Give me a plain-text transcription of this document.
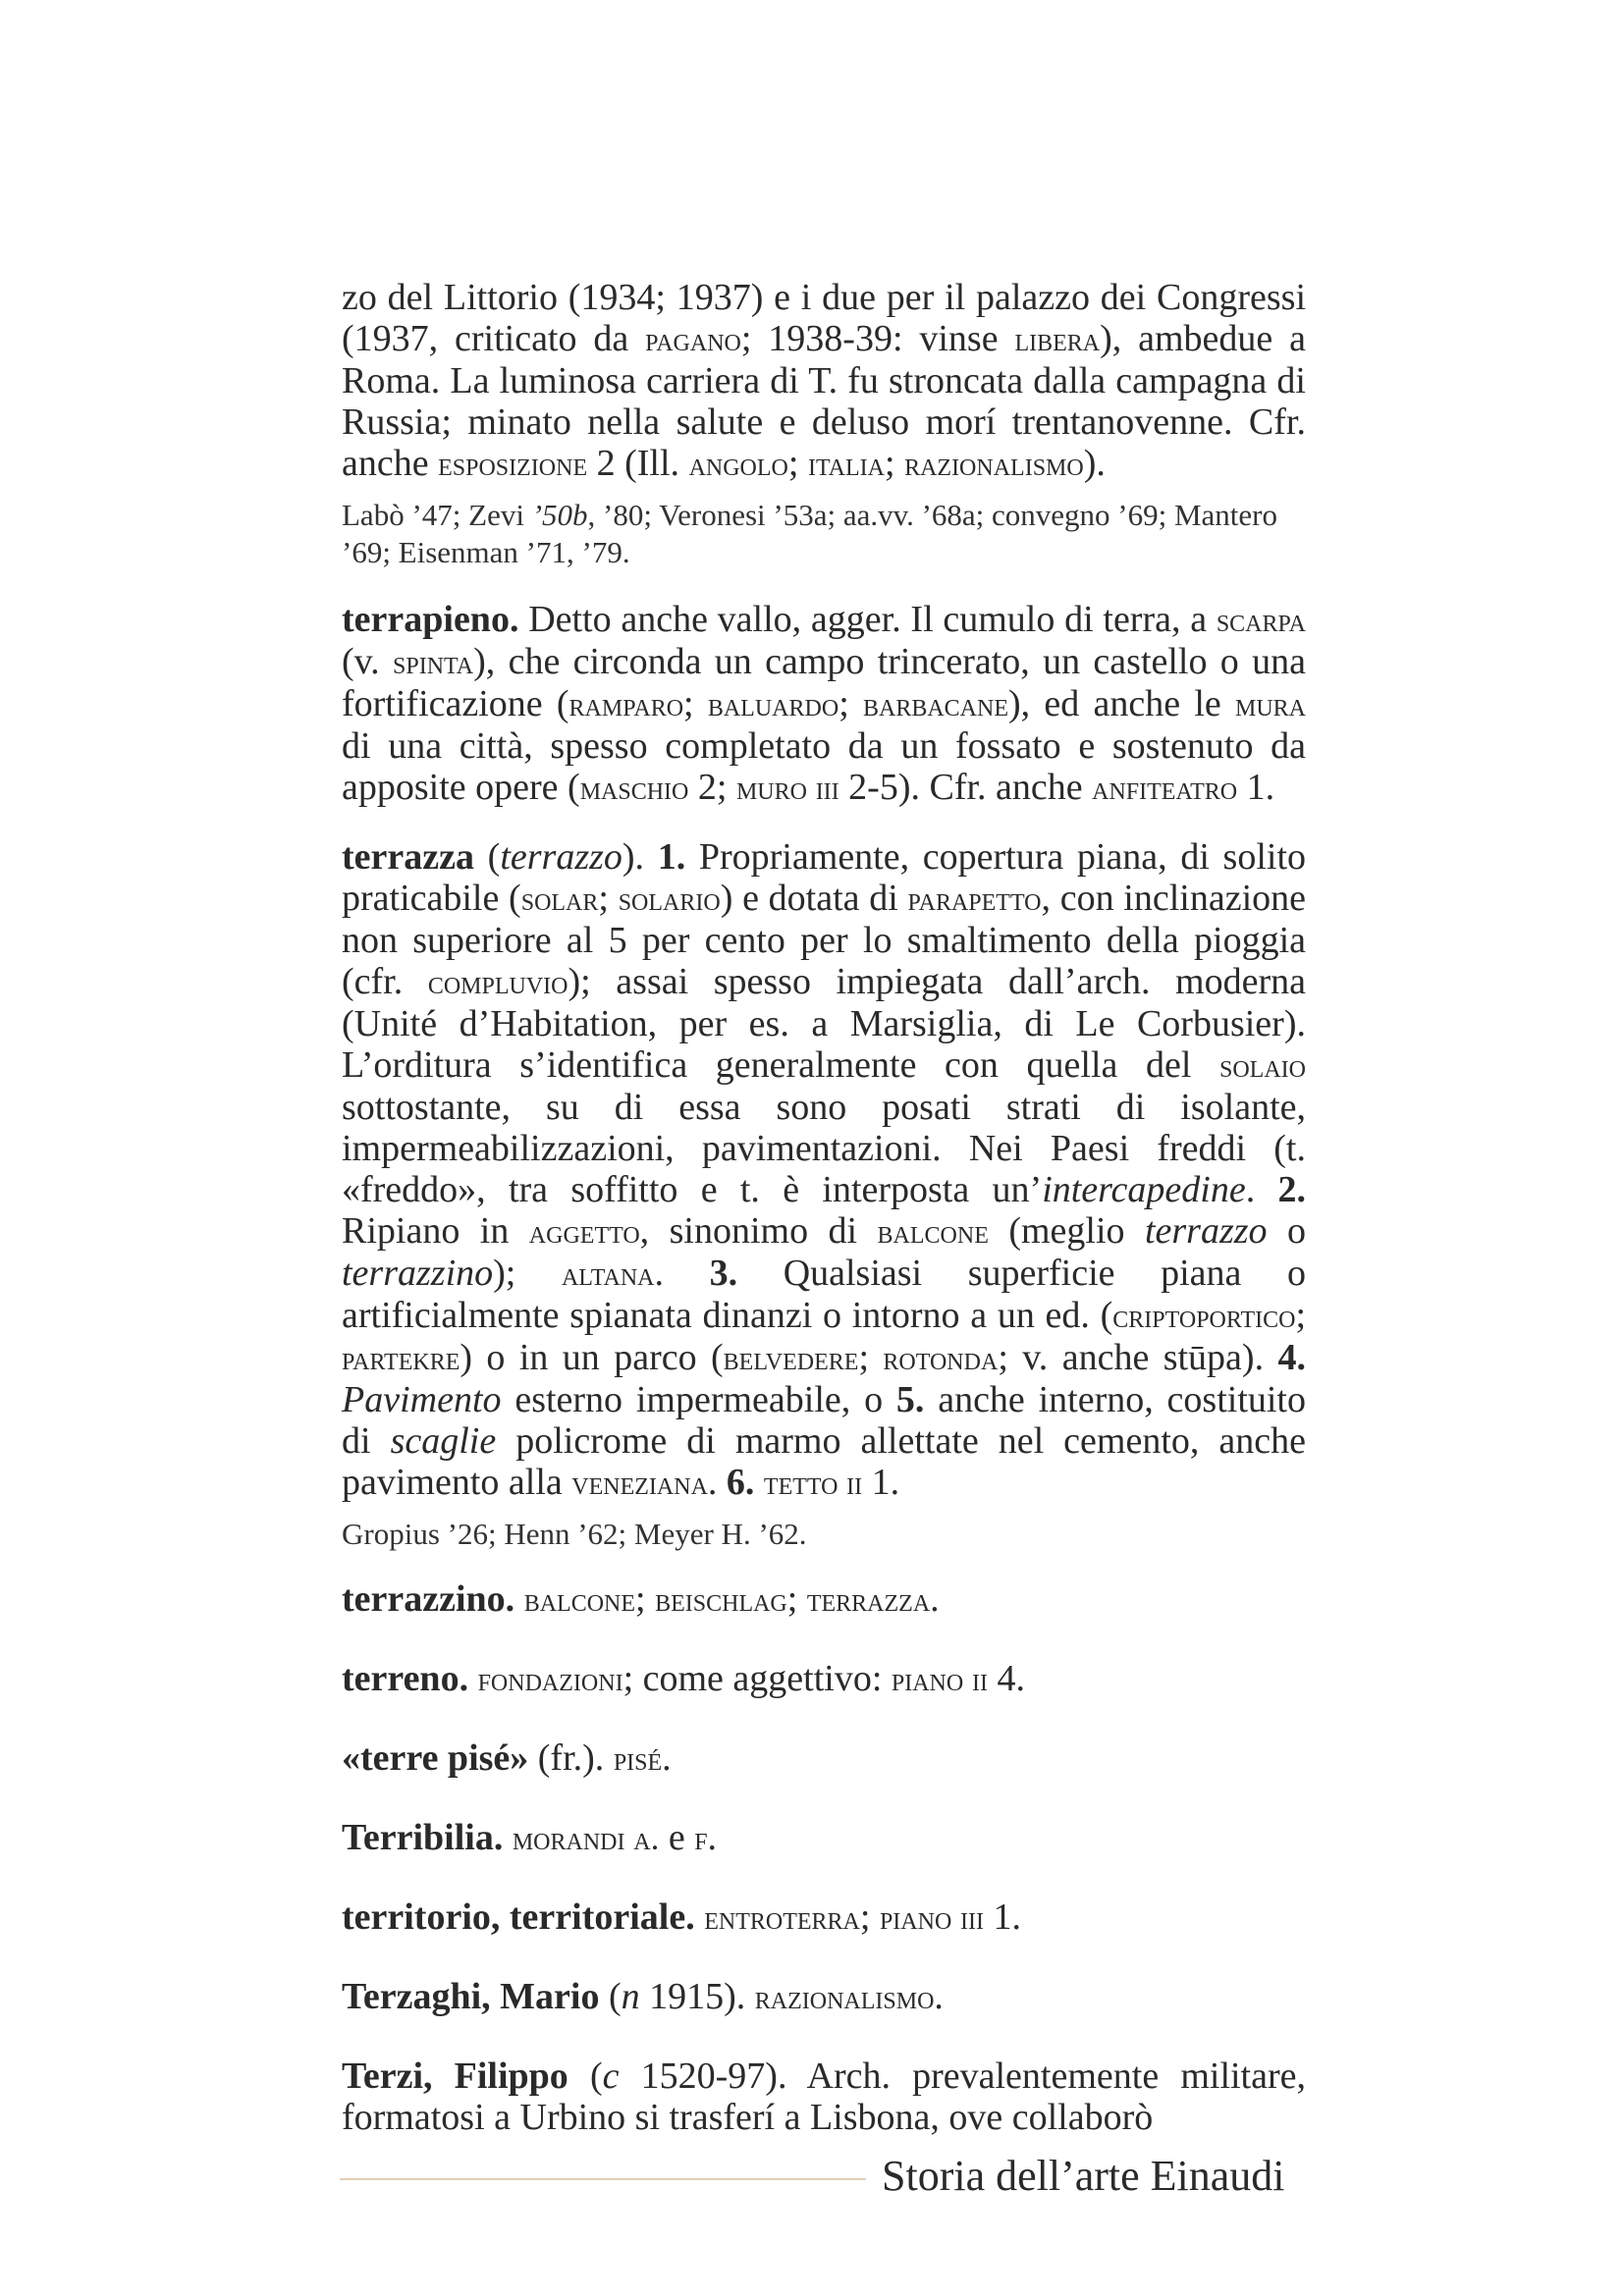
zo del Littorio (1934; 1937) e i due per il palazzo dei Congressi (1937, criticato da pagano; 1938-39: vinse libera), ambedue a Roma. La luminosa carriera di T. fu stroncata dalla campagna di Russia; minato nella salute e deluso morí trentanovenne. Cfr. anche esposizione 2 (Ill. angolo; italia; razionalismo).

Labò ’47; Zevi ’50b, ’80; Veronesi ’53a; aa.vv. ’68a; convegno ’69; Mantero ’69; Eisenman ’71, ’79.

terrapieno. Detto anche vallo, agger. Il cumulo di terra, a scarpa (v. spinta), che circonda un campo trincerato, un castello o una fortificazione (ramparo; baluardo; barbacane), ed anche le mura di una città, spesso completato da un fossato e sostenuto da apposite opere (maschio 2; muro iii 2-5). Cfr. anche anfiteatro 1.

terrazza (terrazzo). 1. Propriamente, copertura piana, di solito praticabile (solar; solario) e dotata di parapetto, con inclinazione non superiore al 5 per cento per lo smaltimento della pioggia (cfr. compluvio); assai spesso impiegata dall’arch. moderna (Unité d’Habitation, per es. a Marsiglia, di Le Corbusier). L’orditura s’identifica generalmente con quella del solaio sottostante, su di essa sono posati strati di isolante, impermeabilizzazioni, pavimentazioni. Nei Paesi freddi (t. «freddo», tra soffitto e t. è interposta un’intercapedine. 2. Ripiano in aggetto, sinonimo di balcone (meglio terrazzo o terrazzino); altana. 3. Qualsiasi superficie piana o artificialmente spianata dinanzi o intorno a un ed. (criptoportico; partekre) o in un parco (belvedere; rotonda; v. anche stūpa). 4. Pavimento esterno impermeabile, o 5. anche interno, costituito di scaglie policrome di marmo allettate nel cemento, anche pavimento alla veneziana. 6. tetto ii 1.

Gropius ’26; Henn ’62; Meyer H. ’62.

terrazzino. balcone; beischlag; terrazza.

terreno. fondazioni; come aggettivo: piano ii 4.

«terre pisé» (fr.). pisé.

Terribilia. morandi a. e f.

territorio, territoriale. entroterra; piano iii 1.

Terzaghi, Mario (n 1915). razionalismo.

Terzi, Filippo (c 1520-97). Arch. prevalentemente militare, formatosi a Urbino si trasferí a Lisbona, ove collaborò

Storia dell’arte Einaudi
